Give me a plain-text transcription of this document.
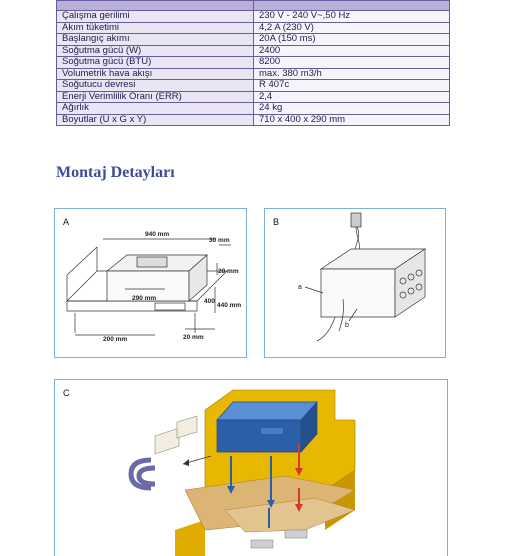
Çalışma gerilimi	230 V - 240 V~,50 Hz
Akım tüketimi	4,2 A (230 V)
Başlangıç akımı	20A (150 ms)
Soğutma gücü (W)	2400
Soğutma gücü (BTU)	8200
Volumetrik hava akışı	max. 380 m3/h
Soğutucu devresi	R 407c
Enerji Verimlilik Oranı (ERR)	2,4
Ağırlık	24 kg
Boyutlar (U x G x Y)	710 x 400 x 290 mm
Montaj Detayları
A
940 mm
30 mm
20 mm
290 mm	400
440 mm
200 mm	20 mm
B
a
b
C
